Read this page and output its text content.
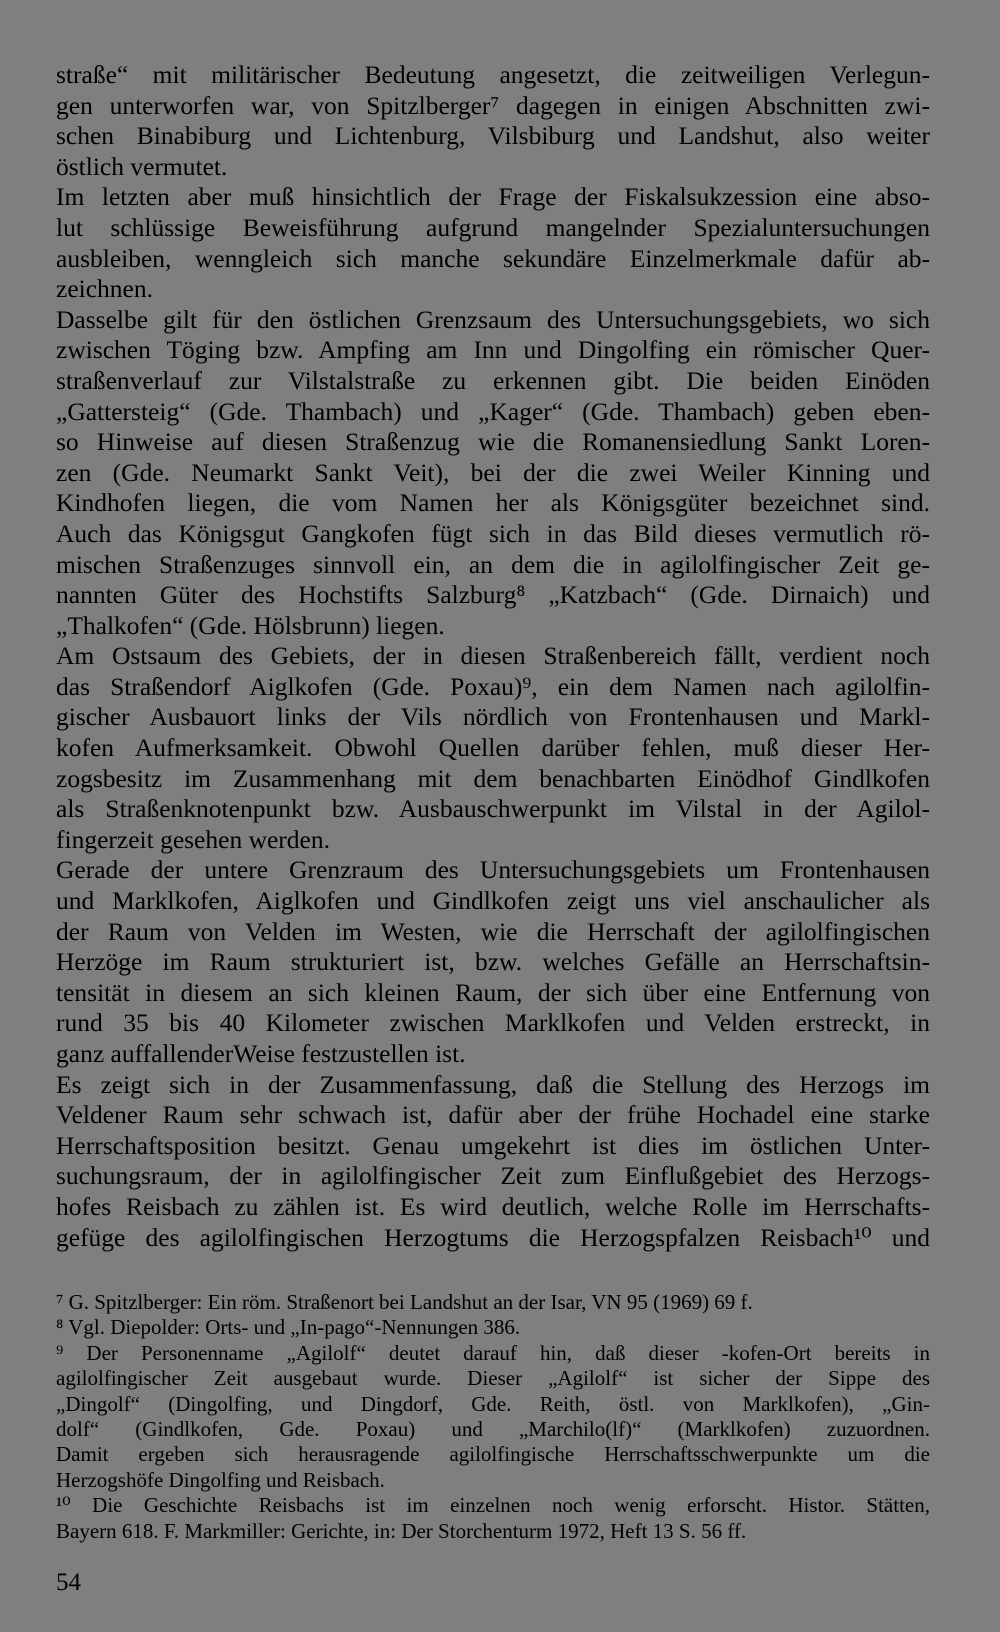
straße“ mit militärischer Bedeutung angesetzt, die zeitweiligen Verlegun-
gen unterworfen war, von Spitzlberger⁷ dagegen in einigen Abschnitten zwi-
schen Binabiburg und Lichtenburg, Vilsbiburg und Landshut, also weiter
östlich vermutet.
Im letzten aber muß hinsichtlich der Frage der Fiskalsukzession eine abso-
lut schlüssige Beweisführung aufgrund mangelnder Spezialuntersuchungen
ausbleiben, wenngleich sich manche sekundäre Einzelmerkmale dafür ab-
zeichnen.
Dasselbe gilt für den östlichen Grenzsaum des Untersuchungsgebiets, wo sich
zwischen Töging bzw. Ampfing am Inn und Dingolfing ein römischer Quer-
straßenverlauf zur Vilstalstraße zu erkennen gibt. Die beiden Einöden
„Gattersteig“ (Gde. Thambach) und „Kager“ (Gde. Thambach) geben eben-
so Hinweise auf diesen Straßenzug wie die Romanensiedlung Sankt Loren-
zen (Gde. Neumarkt Sankt Veit), bei der die zwei Weiler Kinning und
Kindhofen liegen, die vom Namen her als Königsgüter bezeichnet sind.
Auch das Königsgut Gangkofen fügt sich in das Bild dieses vermutlich rö-
mischen Straßenzuges sinnvoll ein, an dem die in agilolfingischer Zeit ge-
nannten Güter des Hochstifts Salzburg⁸ „Katzbach“ (Gde. Dirnaich) und
„Thalkofen“ (Gde. Hölsbrunn) liegen.
Am Ostsaum des Gebiets, der in diesen Straßenbereich fällt, verdient noch
das Straßendorf Aiglkofen (Gde. Poxau)⁹, ein dem Namen nach agilolfin-
gischer Ausbauort links der Vils nördlich von Frontenhausen und Markl-
kofen Aufmerksamkeit. Obwohl Quellen darüber fehlen, muß dieser Her-
zogsbesitz im Zusammenhang mit dem benachbarten Einödhof Gindlkofen
als Straßenknotenpunkt bzw. Ausbauschwerpunkt im Vilstal in der Agilol-
fingerzeit gesehen werden.
Gerade der untere Grenzraum des Untersuchungsgebiets um Frontenhausen
und Marklkofen, Aiglkofen und Gindlkofen zeigt uns viel anschaulicher als
der Raum von Velden im Westen, wie die Herrschaft der agilolfingischen
Herzöge im Raum strukturiert ist, bzw. welches Gefälle an Herrschaftsin-
tensität in diesem an sich kleinen Raum, der sich über eine Entfernung von
rund 35 bis 40 Kilometer zwischen Marklkofen und Velden erstreckt, in
ganz auffallenderWeise festzustellen ist.
Es zeigt sich in der Zusammenfassung, daß die Stellung des Herzogs im
Veldener Raum sehr schwach ist, dafür aber der frühe Hochadel eine starke
Herrschaftsposition besitzt. Genau umgekehrt ist dies im östlichen Unter-
suchungsraum, der in agilolfingischer Zeit zum Einflußgebiet des Herzogs-
hofes Reisbach zu zählen ist. Es wird deutlich, welche Rolle im Herrschafts-
gefüge des agilolfingischen Herzogtums die Herzogspfalzen Reisbach¹⁰ und
⁷ G. Spitzlberger: Ein röm. Straßenort bei Landshut an der Isar, VN 95 (1969) 69 f.
⁸ Vgl. Diepolder: Orts- und „In-pago“-Nennungen 386.
⁹ Der Personenname „Agilolf“ deutet darauf hin, daß dieser -kofen-Ort bereits in
agilolfingischer Zeit ausgebaut wurde. Dieser „Agilolf“ ist sicher der Sippe des
„Dingolf“ (Dingolfing, und Dingdorf, Gde. Reith, östl. von Marklkofen), „Gin-
dolf“ (Gindlkofen, Gde. Poxau) und „Marchilo(lf)“ (Marklkofen) zuzuordnen.
Damit ergeben sich herausragende agilolfingische Herrschaftsschwerpunkte um die
Herzogshöfe Dingolfing und Reisbach.
¹⁰ Die Geschichte Reisbachs ist im einzelnen noch wenig erforscht. Histor. Stätten,
Bayern 618. F. Markmiller: Gerichte, in: Der Storchenturm 1972, Heft 13 S. 56 ff.
54
